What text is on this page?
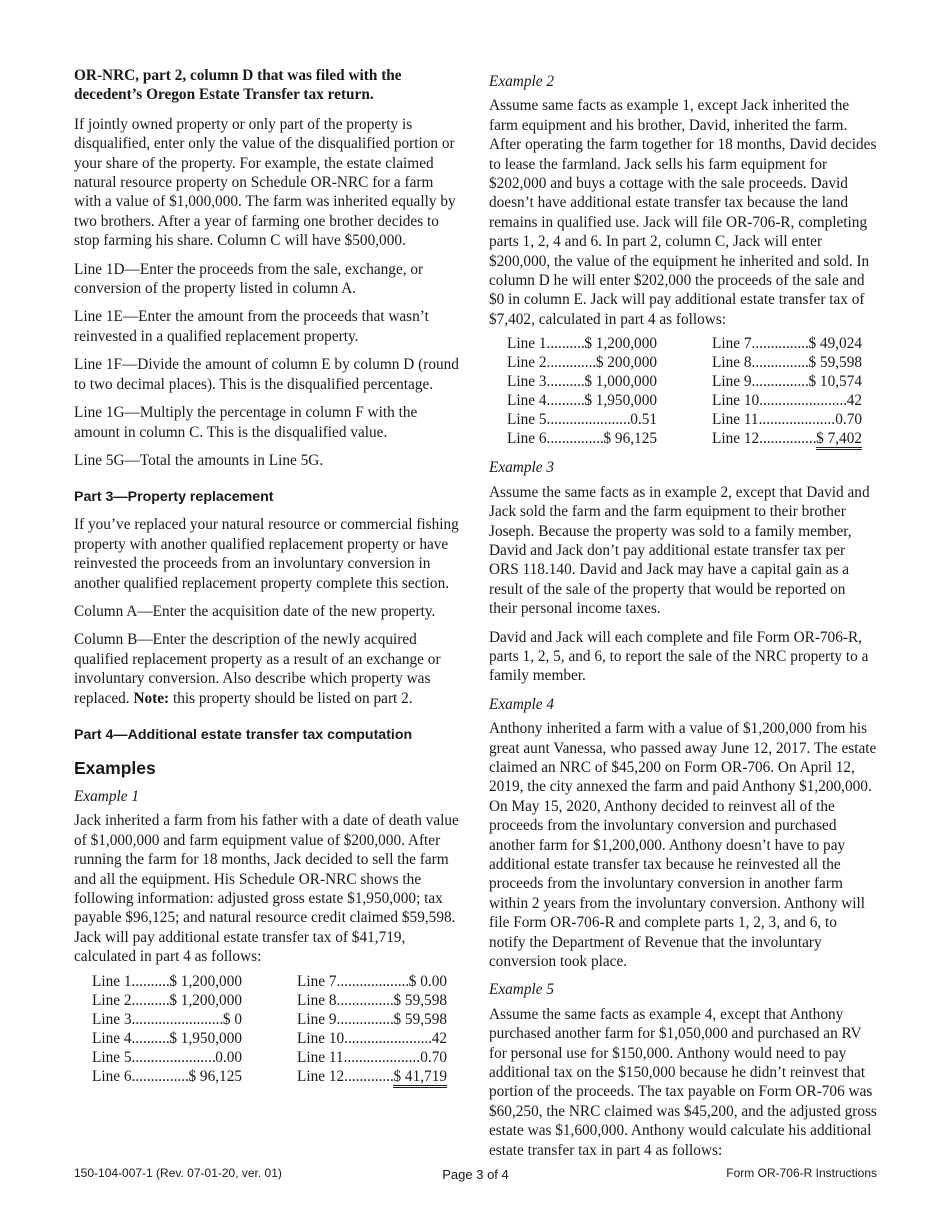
OR-NRC, part 2, column D that was filed with the decedent’s Oregon Estate Transfer tax return.

If jointly owned property or only part of the property is disqualified, enter only the value of the disqualified portion or your share of the property. For example, the estate claimed natural resource property on Schedule OR-NRC for a farm with a value of $1,000,000. The farm was inherited equally by two brothers. After a year of farming one brother decides to stop farming his share. Column C will have $500,000.

Line 1D—Enter the proceeds from the sale, exchange, or conversion of the property listed in column A.

Line 1E—Enter the amount from the proceeds that wasn’t reinvested in a qualified replacement property.

Line 1F—Divide the amount of column E by column D (round to two decimal places). This is the disqualified percentage.

Line 1G—Multiply the percentage in column F with the amount in column C. This is the disqualified value.

Line 5G—Total the amounts in Line 5G.

Part 3—Property replacement

If you’ve replaced your natural resource or commercial fishing property with another qualified replacement property or have reinvested the proceeds from an involuntary conversion in another qualified replacement property complete this section.

Column A—Enter the acquisition date of the new property.

Column B—Enter the description of the newly acquired qualified replacement property as a result of an exchange or involuntary conversion. Also describe which property was replaced. Note: this property should be listed on part 2.

Part 4—Additional estate transfer tax computation
Examples

Example 1

Jack inherited a farm from his father with a date of death value of $1,000,000 and farm equipment value of $200,000. After running the farm for 18 months, Jack decided to sell the farm and all the equipment. His Schedule OR-NRC shows the following information: adjusted gross estate $1,950,000; tax payable $96,125; and natural resource credit claimed $59,598. Jack will pay additional estate transfer tax of $41,719, calculated in part 4 as follows:

Line 1 ..... $ 1,200,000	Line 7 .....	$ 0.00
Line 2 ..... $ 1,200,000	Line 8 .....	$ 59,598
Line 3 .....	$ 0	Line 9 .....	$ 59,598
Line 4 ..... $ 1,950,000	Line 10 .....	42
Line 5 .....	0.00	Line 11 .....	0.70
Line 6 .....	$ 96,125	Line 12 .....	$ 41,719

Example 2

Assume same facts as example 1, except Jack inherited the farm equipment and his brother, David, inherited the farm. After operating the farm together for 18 months, David decides to lease the farmland. Jack sells his farm equipment for $202,000 and buys a cottage with the sale proceeds. David doesn’t have additional estate transfer tax because the land remains in qualified use. Jack will file OR-706-R, completing parts 1, 2, 4 and 6. In part 2, column C, Jack will enter $200,000, the value of the equipment he inherited and sold. In column D he will enter $202,000 the proceeds of the sale and $0 in column E. Jack will pay additional estate transfer tax of $7,402, calculated in part 4 as follows:

Line 1 ..... $ 1,200,000	Line 7 .....	$ 49,024
Line 2 .....	$ 200,000	Line 8 .....	$ 59,598
Line 3 ..... $ 1,000,000	Line 9 .....	$ 10,574
Line 4 ..... $ 1,950,000	Line 10 .....	42
Line 5 .....	0.51	Line 11 .....	0.70
Line 6 .....	$ 96,125	Line 12 .....	$ 7,402

Example 3

Assume the same facts as in example 2, except that David and Jack sold the farm and the farm equipment to their brother Joseph. Because the property was sold to a family member, David and Jack don’t pay additional estate transfer tax per ORS 118.140. David and Jack may have a capital gain as a result of the sale of the property that would be reported on their personal income taxes.

David and Jack will each complete and file Form OR-706-R, parts 1, 2, 5, and 6, to report the sale of the NRC property to a family member.

Example 4

Anthony inherited a farm with a value of $1,200,000 from his great aunt Vanessa, who passed away June 12, 2017. The estate claimed an NRC of $45,200 on Form OR-706. On April 12, 2019, the city annexed the farm and paid Anthony $1,200,000. On May 15, 2020, Anthony decided to reinvest all of the proceeds from the involuntary conversion and purchased another farm for $1,200,000. Anthony doesn’t have to pay additional estate transfer tax because he reinvested all the proceeds from the involuntary conversion in another farm within 2 years from the involuntary conversion. Anthony will file Form OR-706-R and complete parts 1, 2, 3, and 6, to notify the Department of Revenue that the involuntary conversion took place.

Example 5

Assume the same facts as example 4, except that Anthony purchased another farm for $1,050,000 and purchased an RV for personal use for $150,000. Anthony would need to pay additional tax on the $150,000 because he didn’t reinvest that portion of the proceeds. The tax payable on Form OR-706 was $60,250, the NRC claimed was $45,200, and the adjusted gross estate was $1,600,000. Anthony would calculate his additional estate transfer tax in part 4 as follows:

150-104-007-1 (Rev. 07-01-20, ver. 01)	Page 3 of 4	Form OR-706-R Instructions
